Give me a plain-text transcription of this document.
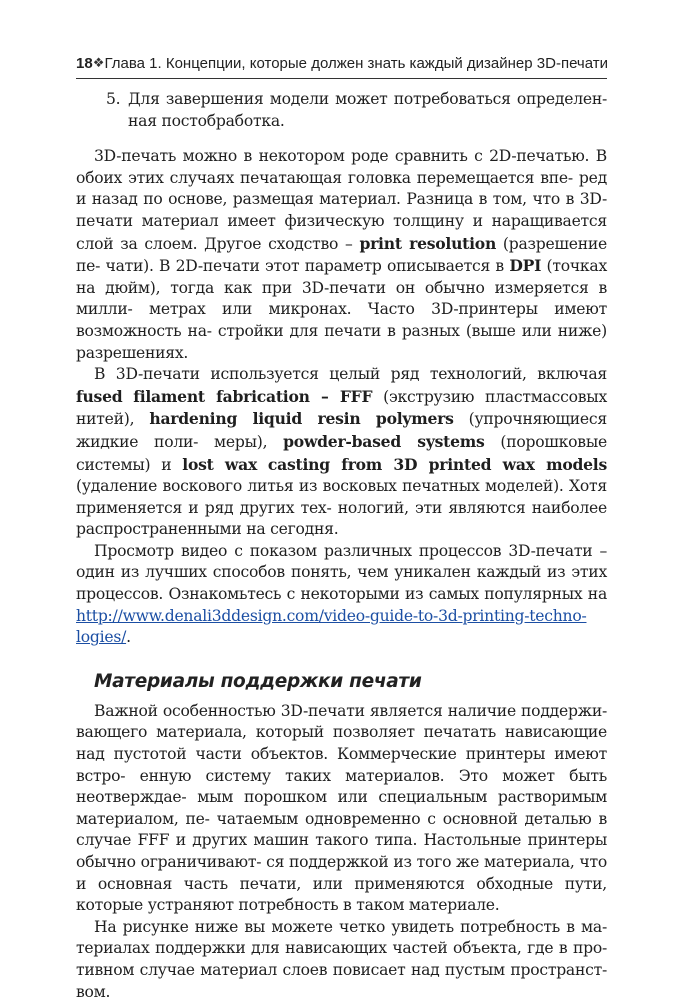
18 ❖ Глава 1. Концепции, которые должен знать каждый дизайнер 3D-печати
5. Для завершения модели может потребоваться определен- ная постобработка.

3D-печать можно в некотором роде сравнить с 2D-печатью. В обоих этих случаях печатающая головка перемещается впе- ред и назад по основе, размещая материал. Разница в том, что в 3D-печати материал имеет физическую толщину и наращивается слой за слоем. Другое сходство – print resolution (разрешение пе- чати). В 2D-печати этот параметр описывается в DPI (точках на дюйм), тогда как при 3D-печати он обычно измеряется в милли- метрах или микронах. Часто 3D-принтеры имеют возможность на- стройки для печати в разных (выше или ниже) разрешениях.

В 3D-печати используется целый ряд технологий, включая fused filament fabrication – FFF (экструзию пластмассовых нитей), hardening liquid resin polymers (упрочняющиеся жидкие поли- меры), powder-based systems (порошковые системы) и lost wax casting from 3D printed wax models (удаление воскового литья из восковых печатных моделей). Хотя применяется и ряд других тех- нологий, эти являются наиболее распространенными на сегодня.

Просмотр видео с показом различных процессов 3D-печати – один из лучших способов понять, чем уникален каждый из этих процессов. Ознакомьтесь с некоторыми из самых популярных на http://www.denali3ddesign.com/video-guide-to-3d-printing-techno-logies/.

Материалы поддержки печати

Важной особенностью 3D-печати является наличие поддержи- вающего материала, который позволяет печатать нависающие над пустотой части объектов. Коммерческие принтеры имеют встро- енную систему таких материалов. Это может быть неотверждае- мым порошком или специальным растворимым материалом, пе- чатаемым одновременно с основной деталью в случае FFF и других машин такого типа. Настольные принтеры обычно ограничивают- ся поддержкой из того же материала, что и основная часть печати, или применяются обходные пути, которые устраняют потребность в таком материале.

На рисунке ниже вы можете четко увидеть потребность в ма- териалах поддержки для нависающих частей объекта, где в про- тивном случае материал слоев повисает над пустым пространст- вом.
